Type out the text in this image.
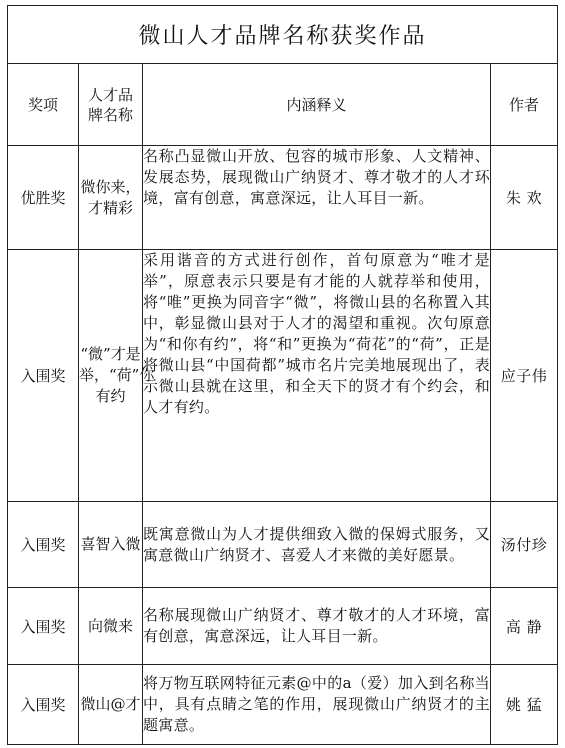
微山人才品牌名称获奖作品			
奖项	人才品牌名称	内涵释义	作者
优胜奖	微你来，才精彩	名称凸显微山开放、包容的城市形象、人文精神、发展态势，展现微山广纳贤才、尊才敬才的人才环境，富有创意，寓意深远，让人耳目一新。	朱 欢
入围奖	“微”才是举，“荷”你有约	采用谐音的方式进行创作，首句原意为“唯才是举”，原意表示只要是有才能的人就荐举和使用，将“唯”更换为同音字“微”，将微山县的名称置入其中，彰显微山县对于人才的渴望和重视。次句原意为“和你有约”，将“和”更换为“荷花”的“荷”，正是将微山县“中国荷都”城市名片完美地展现出了，表示微山县就在这里，和全天下的贤才有个约会，和人才有约。	应子伟
入围奖	喜智入微	既寓意微山为人才提供细致入微的保姆式服务，又寓意微山广纳贤才、喜爱人才来微的美好愿景。	汤付珍
入围奖	向微来	名称展现微山广纳贤才、尊才敬才的人才环境，富有创意，寓意深远，让人耳目一新。	高 静
入围奖	微山@才	将万物互联网特征元素@中的a（爱）加入到名称当中，具有点睛之笔的作用，展现微山广纳贤才的主题寓意。	姚 猛
